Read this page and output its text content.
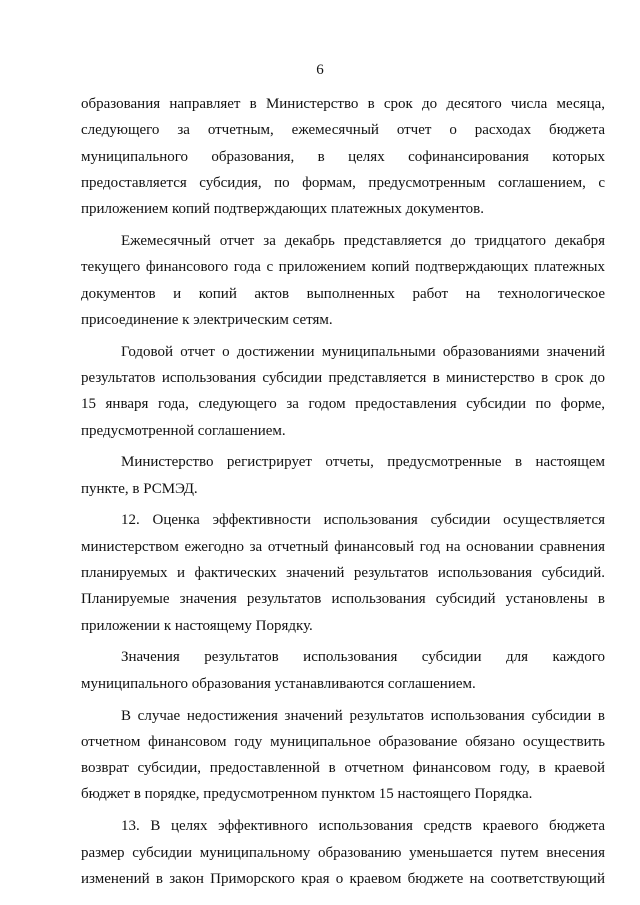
6
образования направляет в Министерство в срок до десятого числа месяца,
следующего за отчетным, ежемесячный отчет о расходах бюджета
муниципального образования, в целях софинансирования которых
предоставляется субсидия, по формам, предусмотренным соглашением, с
приложением копий подтверждающих платежных документов.
Ежемесячный отчет за декабрь представляется до тридцатого декабря
текущего финансового года с приложением копий подтверждающих платежных
документов и копий актов выполненных работ на технологическое
присоединение к электрическим сетям.
Годовой отчет о достижении муниципальными образованиями значений
результатов использования субсидии представляется в министерство в срок до
15 января года, следующего за годом предоставления субсидии по форме,
предусмотренной соглашением.
Министерство регистрирует отчеты, предусмотренные в настоящем
пункте, в РСМЭД.
12. Оценка эффективности использования субсидии осуществляется
министерством ежегодно за отчетный финансовый год на основании сравнения
планируемых и фактических значений результатов использования субсидий.
Планируемые значения результатов использования субсидий установлены в
приложении к настоящему Порядку.
Значения результатов использования субсидии для каждого
муниципального образования устанавливаются соглашением.
В случае недостижения значений результатов использования субсидии в
отчетном финансовом году муниципальное образование обязано осуществить
возврат субсидии, предоставленной в отчетном финансовом году, в краевой
бюджет в порядке, предусмотренном пунктом 15 настоящего Порядка.
13. В целях эффективного использования средств краевого бюджета
размер субсидии муниципальному образованию уменьшается путем внесения
изменений в закон Приморского края о краевом бюджете на соответствующий
